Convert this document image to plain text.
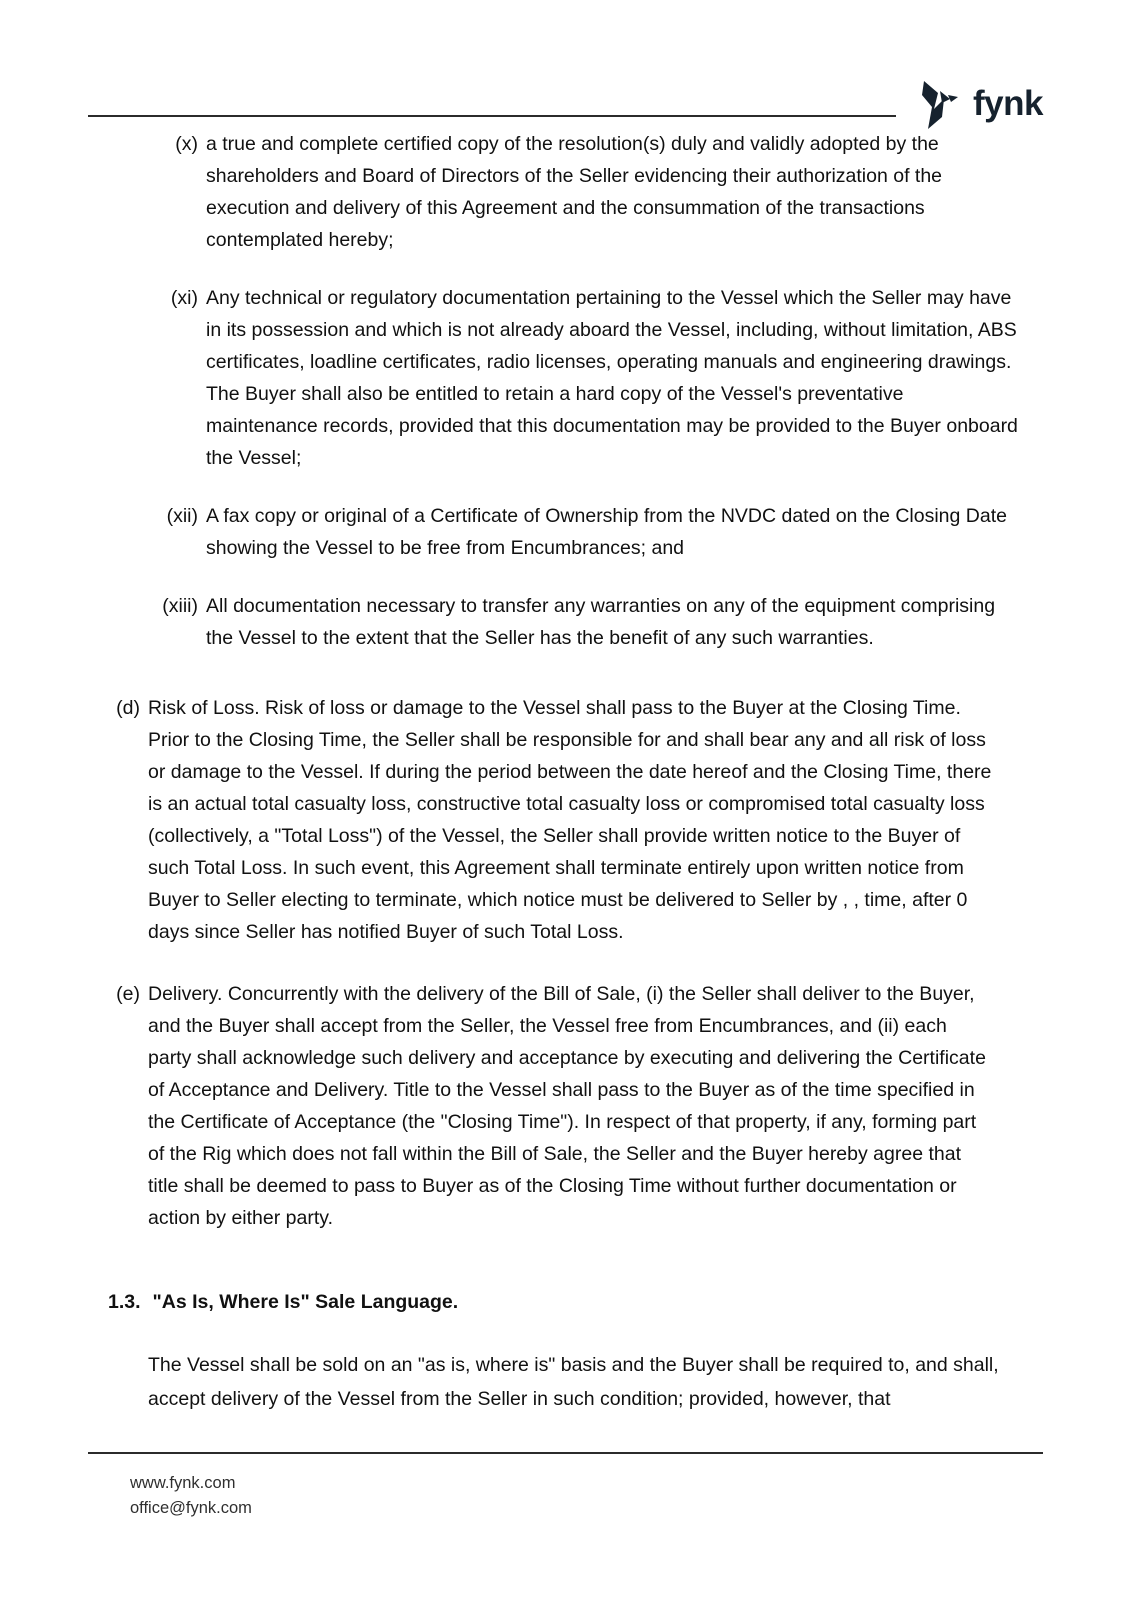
fynk
(x) a true and complete certified copy of the resolution(s) duly and validly adopted by the shareholders and Board of Directors of the Seller evidencing their authorization of the execution and delivery of this Agreement and the consummation of the transactions contemplated hereby;
(xi) Any technical or regulatory documentation pertaining to the Vessel which the Seller may have in its possession and which is not already aboard the Vessel, including, without limitation, ABS certificates, loadline certificates, radio licenses, operating manuals and engineering drawings. The Buyer shall also be entitled to retain a hard copy of the Vessel's preventative maintenance records, provided that this documentation may be provided to the Buyer onboard the Vessel;
(xii) A fax copy or original of a Certificate of Ownership from the NVDC dated on the Closing Date showing the Vessel to be free from Encumbrances; and
(xiii) All documentation necessary to transfer any warranties on any of the equipment comprising the Vessel to the extent that the Seller has the benefit of any such warranties.
(d) Risk of Loss. Risk of loss or damage to the Vessel shall pass to the Buyer at the Closing Time. Prior to the Closing Time, the Seller shall be responsible for and shall bear any and all risk of loss or damage to the Vessel. If during the period between the date hereof and the Closing Time, there is an actual total casualty loss, constructive total casualty loss or compromised total casualty loss (collectively, a "Total Loss") of the Vessel, the Seller shall provide written notice to the Buyer of such Total Loss. In such event, this Agreement shall terminate entirely upon written notice from Buyer to Seller electing to terminate, which notice must be delivered to Seller by , , time, after 0 days since Seller has notified Buyer of such Total Loss.
(e) Delivery. Concurrently with the delivery of the Bill of Sale, (i) the Seller shall deliver to the Buyer, and the Buyer shall accept from the Seller, the Vessel free from Encumbrances, and (ii) each party shall acknowledge such delivery and acceptance by executing and delivering the Certificate of Acceptance and Delivery. Title to the Vessel shall pass to the Buyer as of the time specified in the Certificate of Acceptance (the "Closing Time"). In respect of that property, if any, forming part of the Rig which does not fall within the Bill of Sale, the Seller and the Buyer hereby agree that title shall be deemed to pass to Buyer as of the Closing Time without further documentation or action by either party.
1.3. "As Is, Where Is" Sale Language.
The Vessel shall be sold on an "as is, where is" basis and the Buyer shall be required to, and shall, accept delivery of the Vessel from the Seller in such condition; provided, however, that
www.fynk.com
office@fynk.com
